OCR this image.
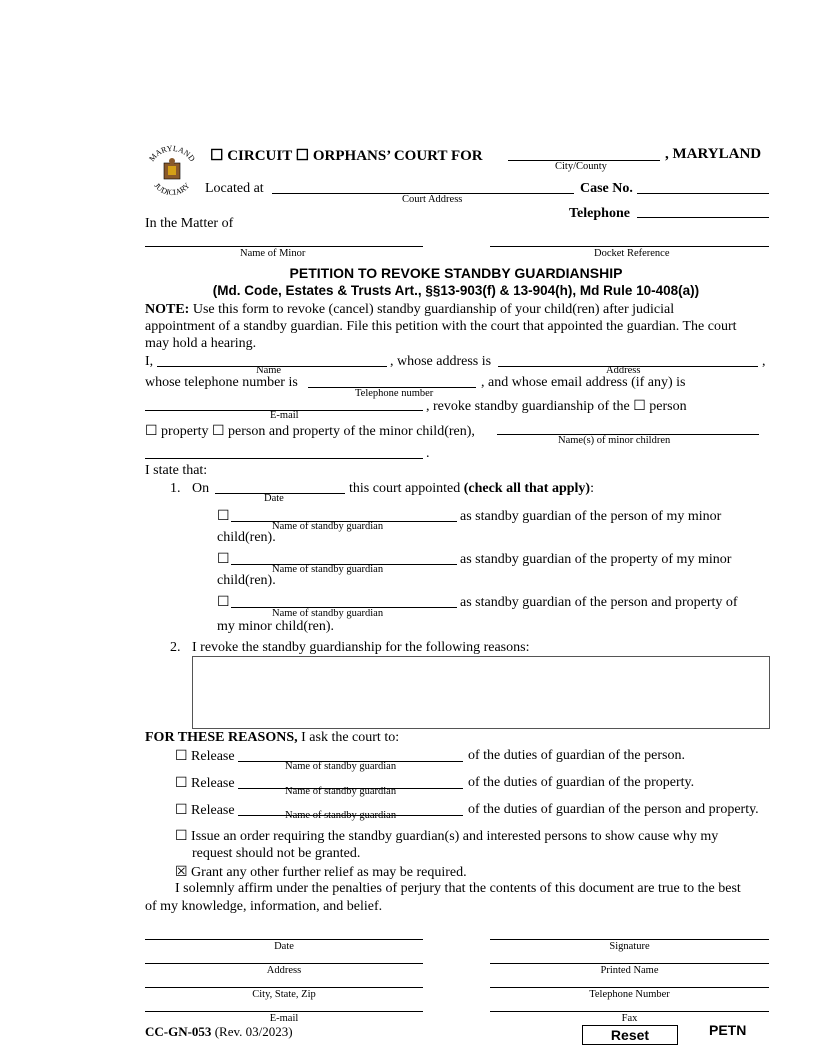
MARYLAND
JUDICIARY
☐ CIRCUIT ☐ ORPHANS’ COURT FOR	, MARYLAND
City/County
Located at
Court Address
Case No.
Telephone
In the Matter of
Name of Minor	Docket Reference
PETITION TO REVOKE STANDBY GUARDIANSHIP
(Md. Code, Estates & Trusts Art., §§13-903(f) & 13-904(h), Md Rule 10-408(a))
NOTE: Use this form to revoke (cancel) standby guardianship of your child(ren) after judicial
appointment of a standby guardian. File this petition with the court that appointed the guardian. The court
may hold a hearing.
I,
Name
, whose address is
Address
,
whose telephone number is
Telephone number
, and whose email address (if any) is
E-mail
, revoke standby guardianship of the ☐ person
☐ property ☐ person and property of the minor child(ren),
Name(s) of minor children
.
I state that:
1. On
Date
this court appointed (check all that apply):
☐
Name of standby guardian
as standby guardian of the person of my minor
child(ren).
☐
Name of standby guardian
as standby guardian of the property of my minor
child(ren).
☐
Name of standby guardian
as standby guardian of the person and property of
my minor child(ren).
2. I revoke the standby guardianship for the following reasons:
FOR THESE REASONS, I ask the court to:
☐ Release
Name of standby guardian
of the duties of guardian of the person.
☐ Release
Name of standby guardian
of the duties of guardian of the property.
☐ Release	Name of standby guardian	of the duties of guardian of the person and property.
☐ Issue an order requiring the standby guardian(s) and interested persons to show cause why my
request should not be granted.
☒ Grant any other further relief as may be required.
I solemnly affirm under the penalties of perjury that the contents of this document are true to the best
of my knowledge, information, and belief.
Date	Signature
Address	Printed Name
City, State, Zip	Telephone Number
E-mail	Fax
CC-GN-053 (Rev. 03/2023)	Reset	PETN
